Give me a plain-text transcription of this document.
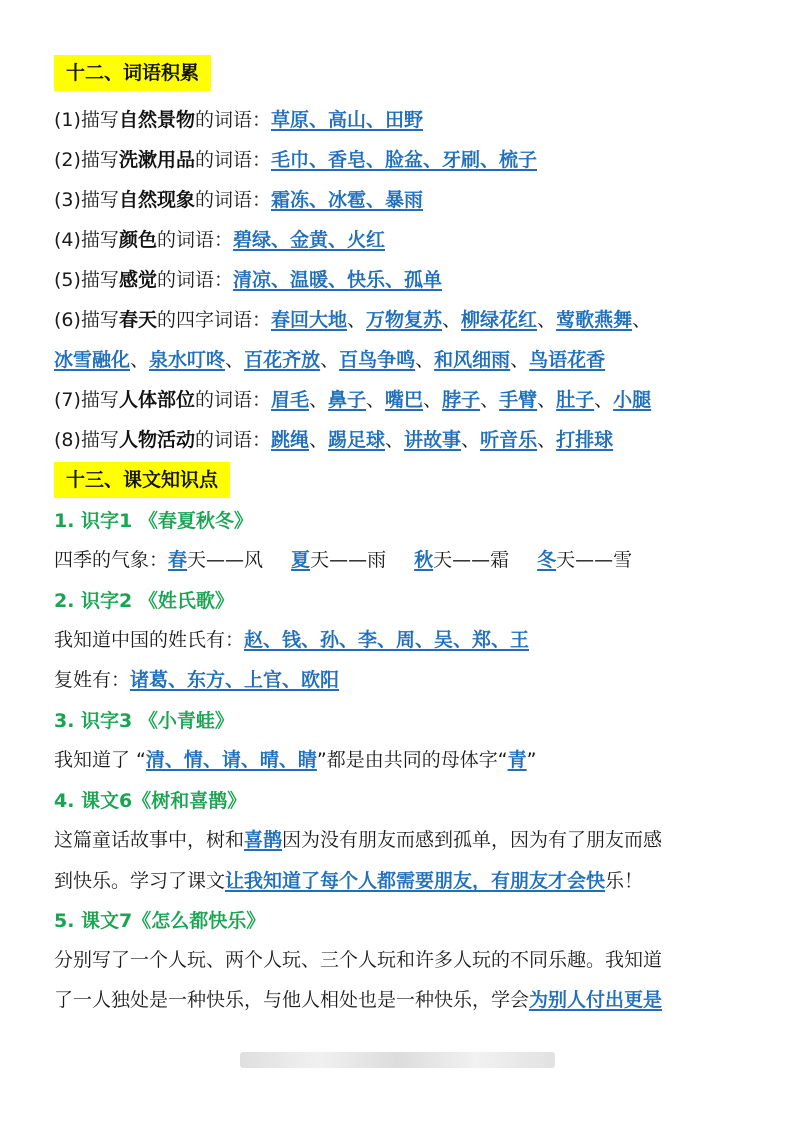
十二、词语积累
(1)描写自然景物的词语：草原、高山、田野
(2)描写洗漱用品的词语：毛巾、香皂、脸盆、牙刷、梳子
(3)描写自然现象的词语：霜冻、冰雹、暴雨
(4)描写颜色的词语：碧绿、金黄、火红
(5)描写感觉的词语：清凉、温暖、快乐、孤单
(6)描写春天的四字词语：春回大地、万物复苏、柳绿花红、莺歌燕舞、
冰雪融化、泉水叮咚、百花齐放、百鸟争鸣、和风细雨、鸟语花香
(7)描写人体部位的词语：眉毛、鼻子、嘴巴、脖子、手臂、肚子、小腿
(8)描写人物活动的词语：跳绳、踢足球、讲故事、听音乐、打排球
十三、课文知识点
1. 识字1 《春夏秋冬》
四季的气象：春天——风 夏天——雨 秋天——霜 冬天——雪
2. 识字2 《姓氏歌》
我知道中国的姓氏有：赵、钱、孙、李、周、吴、郑、王
复姓有：诸葛、东方、上官、欧阳
3. 识字3 《小青蛙》
我知道了 “清、情、请、晴、睛”都是由共同的母体字“青”
4. 课文6《树和喜鹊》
这篇童话故事中，树和喜鹊因为没有朋友而感到孤单，因为有了朋友而感
到快乐。学习了课文让我知道了每个人都需要朋友，有朋友才会快乐！
5. 课文7《怎么都快乐》
分别写了一个人玩、两个人玩、三个人玩和许多人玩的不同乐趣。我知道
了一人独处是一种快乐，与他人相处也是一种快乐，学会为别人付出更是
